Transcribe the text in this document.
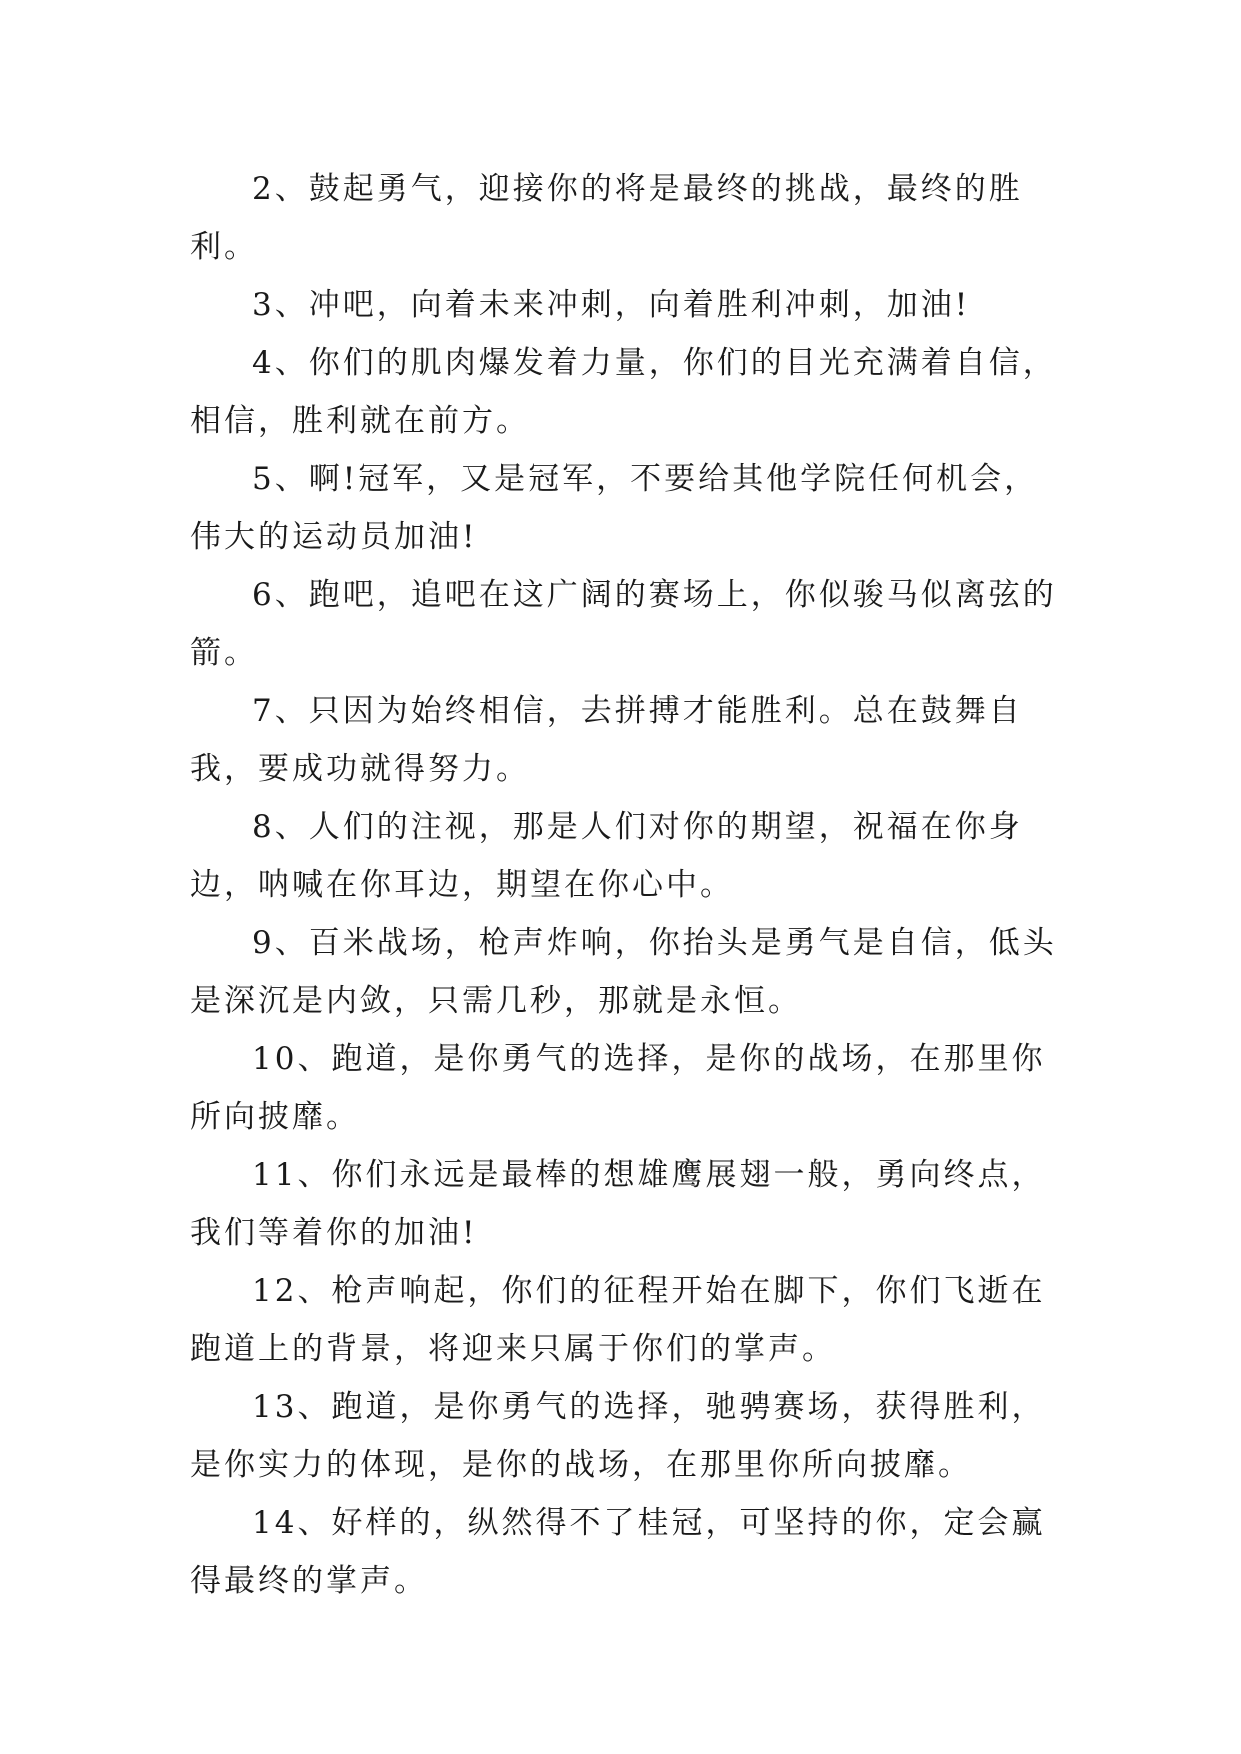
2、鼓起勇气，迎接你的将是最终的挑战，最终的胜利。

3、冲吧，向着未来冲刺，向着胜利冲刺，加油!

4、你们的肌肉爆发着力量，你们的目光充满着自信，相信，胜利就在前方。

5、啊!冠军，又是冠军，不要给其他学院任何机会，伟大的运动员加油!

6、跑吧，追吧在这广阔的赛场上，你似骏马似离弦的箭。

7、只因为始终相信，去拼搏才能胜利。总在鼓舞自我，要成功就得努力。

8、人们的注视，那是人们对你的期望，祝福在你身边，呐喊在你耳边，期望在你心中。

9、百米战场，枪声炸响，你抬头是勇气是自信，低头是深沉是内敛，只需几秒，那就是永恒。

10、跑道，是你勇气的选择，是你的战场，在那里你所向披靡。

11、你们永远是最棒的想雄鹰展翅一般，勇向终点，我们等着你的加油!

12、枪声响起，你们的征程开始在脚下，你们飞逝在跑道上的背景，将迎来只属于你们的掌声。

13、跑道，是你勇气的选择，驰骋赛场，获得胜利，是你实力的体现，是你的战场，在那里你所向披靡。

14、好样的，纵然得不了桂冠，可坚持的你，定会赢得最终的掌声。
